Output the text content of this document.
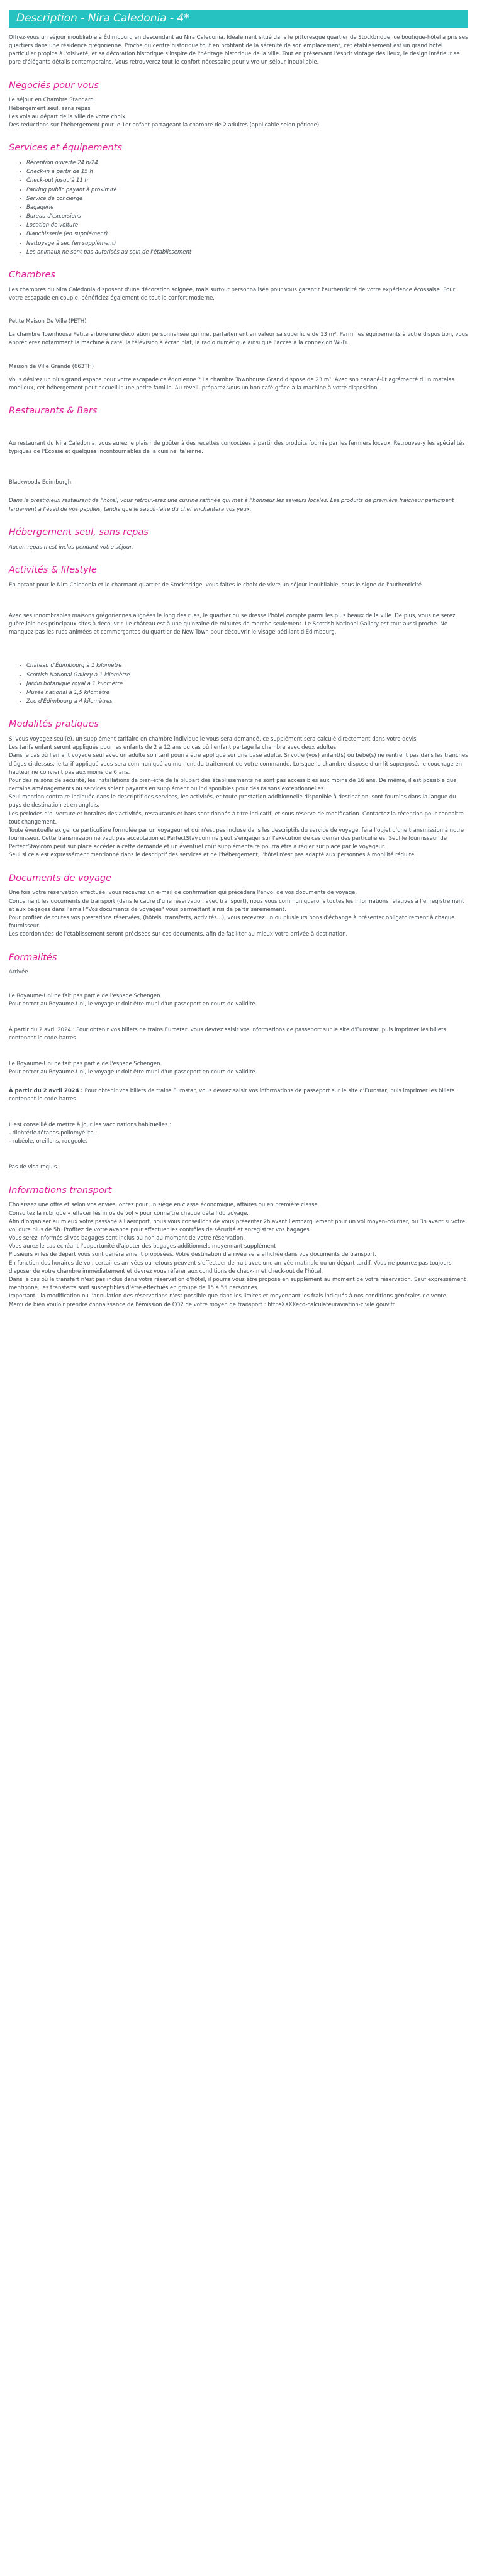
Description - Nira Caledonia - 4*

Offrez-vous un séjour inoubliable à Édimbourg en descendant au Nira Caledonia. Idéalement situé dans le pittoresque quartier de Stockbridge, ce boutique-hôtel a pris ses quartiers dans une résidence grégorienne. Proche du centre historique tout en profitant de la sérénité de son emplacement, cet établissement est un grand hôtel particulier propice à l'oisiveté, et sa décoration historique s'inspire de l'héritage historique de la ville. Tout en préservant l'esprit vintage des lieux, le design intérieur se pare d'élégants détails contemporains. Vous retrouverez tout le confort nécessaire pour vivre un séjour inoubliable.

Négociés pour vous
Le séjour en Chambre Standard
Hébergement seul, sans repas
Les vols au départ de la ville de votre choix
Des réductions sur l'hébergement pour le 1er enfant partageant la chambre de 2 adultes (applicable selon période)
Services et équipements
• Réception ouverte 24 h/24
• Check-in à partir de 15 h
• Check-out jusqu'à 11 h
• Parking public payant à proximité
• Service de concierge
• Bagagerie
• Bureau d'excursions
• Location de voiture
• Blanchisserie (en supplément)
• Nettoyage à sec (en supplément)
• Les animaux ne sont pas autorisés au sein de l'établissement
Chambres

Les chambres du Nira Caledonia disposent d'une décoration soignée, mais surtout personnalisée pour vous garantir l'authenticité de votre expérience écossaise. Pour votre escapade en couple, bénéficiez également de tout le confort moderne.

Petite Maison De Ville (PETH)

La chambre Townhouse Petite arbore une décoration personnalisée qui met parfaitement en valeur sa superficie de 13 m². Parmi les équipements à votre disposition, vous apprécierez notamment la machine à café, la télévision à écran plat, la radio numérique ainsi que l'accès à la connexion Wi-Fi.

Maison de Ville Grande (663TH)

Vous désirez un plus grand espace pour votre escapade calédonienne ? La chambre Townhouse Grand dispose de 23 m². Avec son canapé-lit agrémenté d'un matelas moelleux, cet hébergement peut accueillir une petite famille. Au réveil, préparez-vous un bon café grâce à la machine à votre disposition.

Restaurants & Bars

Au restaurant du Nira Caledonia, vous aurez le plaisir de goûter à des recettes concoctées à partir des produits fournis par les fermiers locaux. Retrouvez-y les spécialités typiques de l'Écosse et quelques incontournables de la cuisine italienne.

Blackwoods Edimburgh

Dans le prestigieux restaurant de l'hôtel, vous retrouverez une cuisine raffinée qui met à l'honneur les saveurs locales. Les produits de première fraîcheur participent largement à l'éveil de vos papilles, tandis que le savoir-faire du chef enchantera vos yeux.

Hébergement seul, sans repas

Aucun repas n'est inclus pendant votre séjour.

Activités & lifestyle

En optant pour le Nira Caledonia et le charmant quartier de Stockbridge, vous faites le choix de vivre un séjour inoubliable, sous le signe de l'authenticité.

Avec ses innombrables maisons grégoriennes alignées le long des rues, le quartier où se dresse l'hôtel compte parmi les plus beaux de la ville. De plus, vous ne serez guère loin des principaux sites à découvrir. Le château est à une quinzaine de minutes de marche seulement. Le Scottish National Gallery est tout aussi proche. Ne manquez pas les rues animées et commerçantes du quartier de New Town pour découvrir le visage pétillant d'Édimbourg.

• Château d'Édimbourg à 1 kilomètre
• Scottish National Gallery à 1 kilomètre
• Jardin botanique royal à 1 kilomètre
• Musée national à 1,5 kilomètre
• Zoo d'Édimbourg à 4 kilomètres
Modalités pratiques
Si vous voyagez seul(e), un supplément tarifaire en chambre individuelle vous sera demandé, ce supplément sera calculé directement dans votre devis
Les tarifs enfant seront appliqués pour les enfants de 2 à 12 ans ou cas où l'enfant partage la chambre avec deux adultes.
Dans le cas où l'enfant voyage seul avec un adulte son tarif pourra être appliqué sur une base adulte. Si votre (vos) enfant(s) ou bébé(s) ne rentrent pas dans les tranches d'âges ci-dessus, le tarif appliqué vous sera communiqué au moment du traitement de votre commande. Lorsque la chambre dispose d'un lit superposé, le couchage en hauteur ne convient pas aux moins de 6 ans.
Pour des raisons de sécurité, les installations de bien-être de la plupart des établissements ne sont pas accessibles aux moins de 16 ans. De même, il est possible que certains aménagements ou services soient payants en supplément ou indisponibles pour des raisons exceptionnelles.
Seul mention contraire indiquée dans le descriptif des services, les activités, et toute prestation additionnelle disponible à destination, sont fournies dans la langue du pays de destination et en anglais.
Les périodes d'ouverture et horaires des activités, restaurants et bars sont donnés à titre indicatif, et sous réserve de modification. Contactez la réception pour connaître tout changement.
Toute éventuelle exigence particulière formulée par un voyageur et qui n'est pas incluse dans les descriptifs du service de voyage, fera l'objet d'une transmission à notre fournisseur. Cette transmission ne vaut pas acceptation et PerfectStay.com ne peut s'engager sur l'exécution de ces demandes particulières. Seul le fournisseur de PerfectStay.com peut sur place accéder à cette demande et un éventuel coût supplémentaire pourra être à régler sur place par le voyageur.
Seul si cela est expressément mentionné dans le descriptif des services et de l'hébergement, l'hôtel n'est pas adapté aux personnes à mobilité réduite.
Documents de voyage
Une fois votre réservation effectuée, vous recevrez un e-mail de confirmation qui précédera l'envoi de vos documents de voyage.
Concernant les documents de transport (dans le cadre d'une réservation avec transport), nous vous communiquerons toutes les informations relatives à l'enregistrement et aux bagages dans l'email "Vos documents de voyages" vous permettant ainsi de partir sereinement.
Pour profiter de toutes vos prestations réservées, (hôtels, transferts, activités...), vous recevrez un ou plusieurs bons d'échange à présenter obligatoirement à chaque fournisseur.
Les coordonnées de l'établissement seront précisées sur ces documents, afin de faciliter au mieux votre arrivée à destination.
Formalités

Arrivée

Le Royaume-Uni ne fait pas partie de l'espace Schengen.
Pour entrer au Royaume-Uni, le voyageur doit être muni d'un passeport en cours de validité.
À partir du 2 avril 2024 : Pour obtenir vos billets de trains Eurostar, vous devrez saisir vos informations de passeport sur le site d'Eurostar, puis imprimer les billets contenant le code-barres
Le Royaume-Uni ne fait pas partie de l'espace Schengen.
Pour entrer au Royaume-Uni, le voyageur doit être muni d'un passeport en cours de validité.
À partir du 2 avril 2024 : Pour obtenir vos billets de trains Eurostar, vous devrez saisir vos informations de passeport sur le site d'Eurostar, puis imprimer les billets contenant le code-barres
Il est conseillé de mettre à jour les vaccinations habituelles :
- diphtérie-tétanos-poliomyélite ;
- rubéole, oreillons, rougeole.

Pas de visa requis.

Informations transport
Choisissez une offre et selon vos envies, optez pour un siège en classe économique, affaires ou en première classe.
Consultez la rubrique « effacer les infos de vol » pour connaître chaque détail du voyage.
Afin d'organiser au mieux votre passage à l'aéroport, nous vous conseillons de vous présenter 2h avant l'embarquement pour un vol moyen-courrier, ou 3h avant si votre vol dure plus de 5h. Profitez de votre avance pour effectuer les contrôles de sécurité et enregistrer vos bagages.
Vous serez informés si vos bagages sont inclus ou non au moment de votre réservation.
Vous aurez le cas échéant l'opportunité d'ajouter des bagages additionnels moyennant supplément
Plusieurs villes de départ vous sont généralement proposées. Votre destination d'arrivée sera affichée dans vos documents de transport.
En fonction des horaires de vol, certaines arrivées ou retours peuvent s'effectuer de nuit avec une arrivée matinale ou un départ tardif. Vous ne pourrez pas toujours disposer de votre chambre immédiatement et devrez vous référer aux conditions de check-in et check-out de l'hôtel.
Dans le cas où le transfert n'est pas inclus dans votre réservation d'hôtel, il pourra vous être proposé en supplément au moment de votre réservation. Sauf expressément mentionné, les transferts sont susceptibles d'être effectués en groupe de 15 à 55 personnes.
Important : la modification ou l'annulation des réservations n'est possible que dans les limites et moyennant les frais indiqués à nos conditions générales de vente.
Merci de bien vouloir prendre connaissance de l'émission de CO2 de votre moyen de transport : httpsXXXXeco-calculateuraviation-civile.gouv.fr
